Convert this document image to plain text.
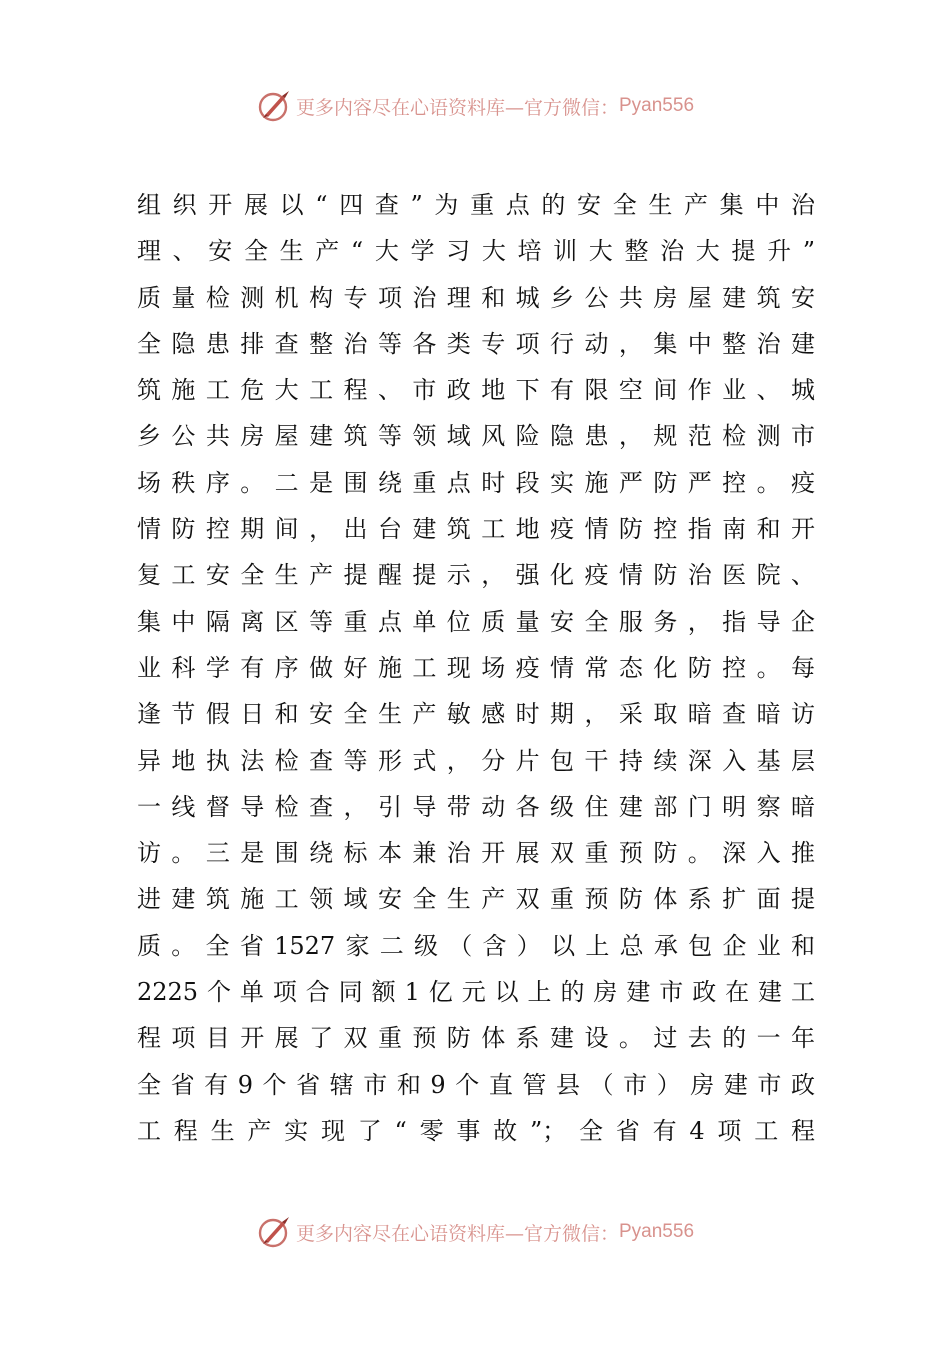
更多内容尽在心语资料库—官方微信： Pyan556
组织开展以“四查”为重点的安全生产集中治
理、安全生产“大学习大培训大整治大提升”
质量检测机构专项治理和城乡公共房屋建筑安
全隐患排查整治等各类专项行动，集中整治建
筑施工危大工程、市政地下有限空间作业、城
乡公共房屋建筑等领域风险隐患，规范检测市
场秩序。二是围绕重点时段实施严防严控。疫
情防控期间，出台建筑工地疫情防控指南和开
复工安全生产提醒提示，强化疫情防治医院、
集中隔离区等重点单位质量安全服务，指导企
业科学有序做好施工现场疫情常态化防控。每
逢节假日和安全生产敏感时期，采取暗查暗访
异地执法检查等形式，分片包干持续深入基层
一线督导检查，引导带动各级住建部门明察暗
访。三是围绕标本兼治开展双重预防。深入推
进建筑施工领域安全生产双重预防体系扩面提
质。全省1527家二级（含）以上总承包企业和
2225个单项合同额1亿元以上的房建市政在建工
程项目开展了双重预防体系建设。过去的一年
全省有9个省辖市和9个直管县（市）房建市政
工程生产实现了“零事故”；全省有4项工程
更多内容尽在心语资料库—官方微信： Pyan556
